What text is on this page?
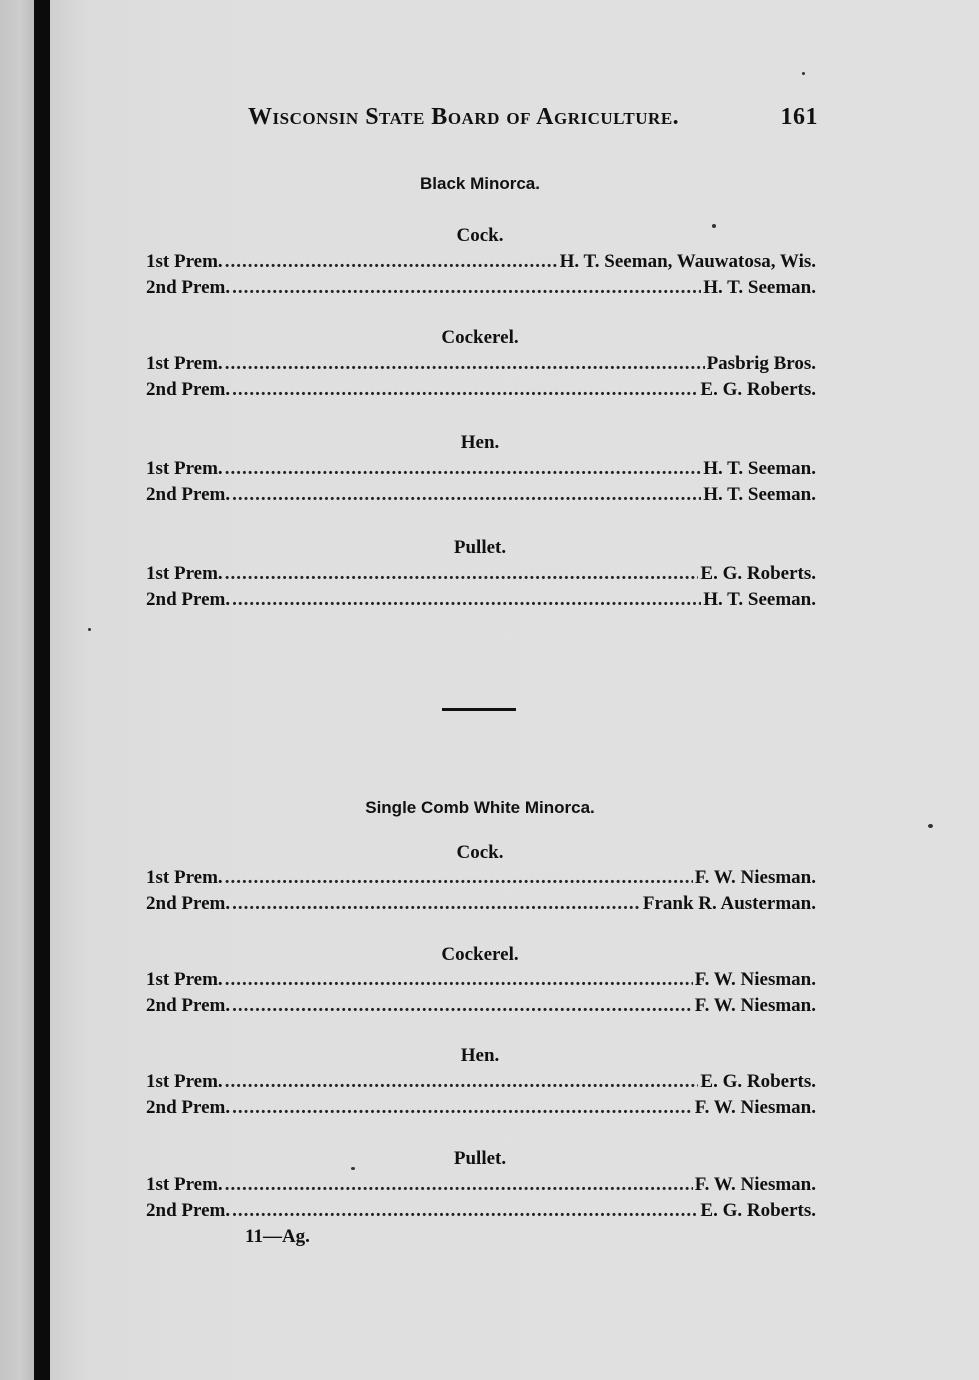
Wisconsin State Board of Agriculture.	161
Black Minorca.
Cock.
1st Prem. .....	H. T. Seeman, Wauwatosa, Wis.
2nd Prem. .....	H. T. Seeman.
Cockerel.
1st Prem. .....	Pasbrig Bros.
2nd Prem. .....	E. G. Roberts.
Hen.
1st Prem. .....	H. T. Seeman.
2nd Prem. .....	H. T. Seeman.
Pullet.
1st Prem. .....	E. G. Roberts.
2nd Prem. .....	H. T. Seeman.
Single Comb White Minorca.
Cock.
1st Prem. .....	F. W. Niesman.
2nd Prem. .....	Frank R. Austerman.
Cockerel.
1st Prem. .....	F. W. Niesman.
2nd Prem. .....	F. W. Niesman.
Hen.
1st Prem. .....	E. G. Roberts.
2nd Prem. .....	F. W. Niesman.
Pullet.
1st Prem. .....	F. W. Niesman.
2nd Prem. .....	E. G. Roberts.
11—Ag.
